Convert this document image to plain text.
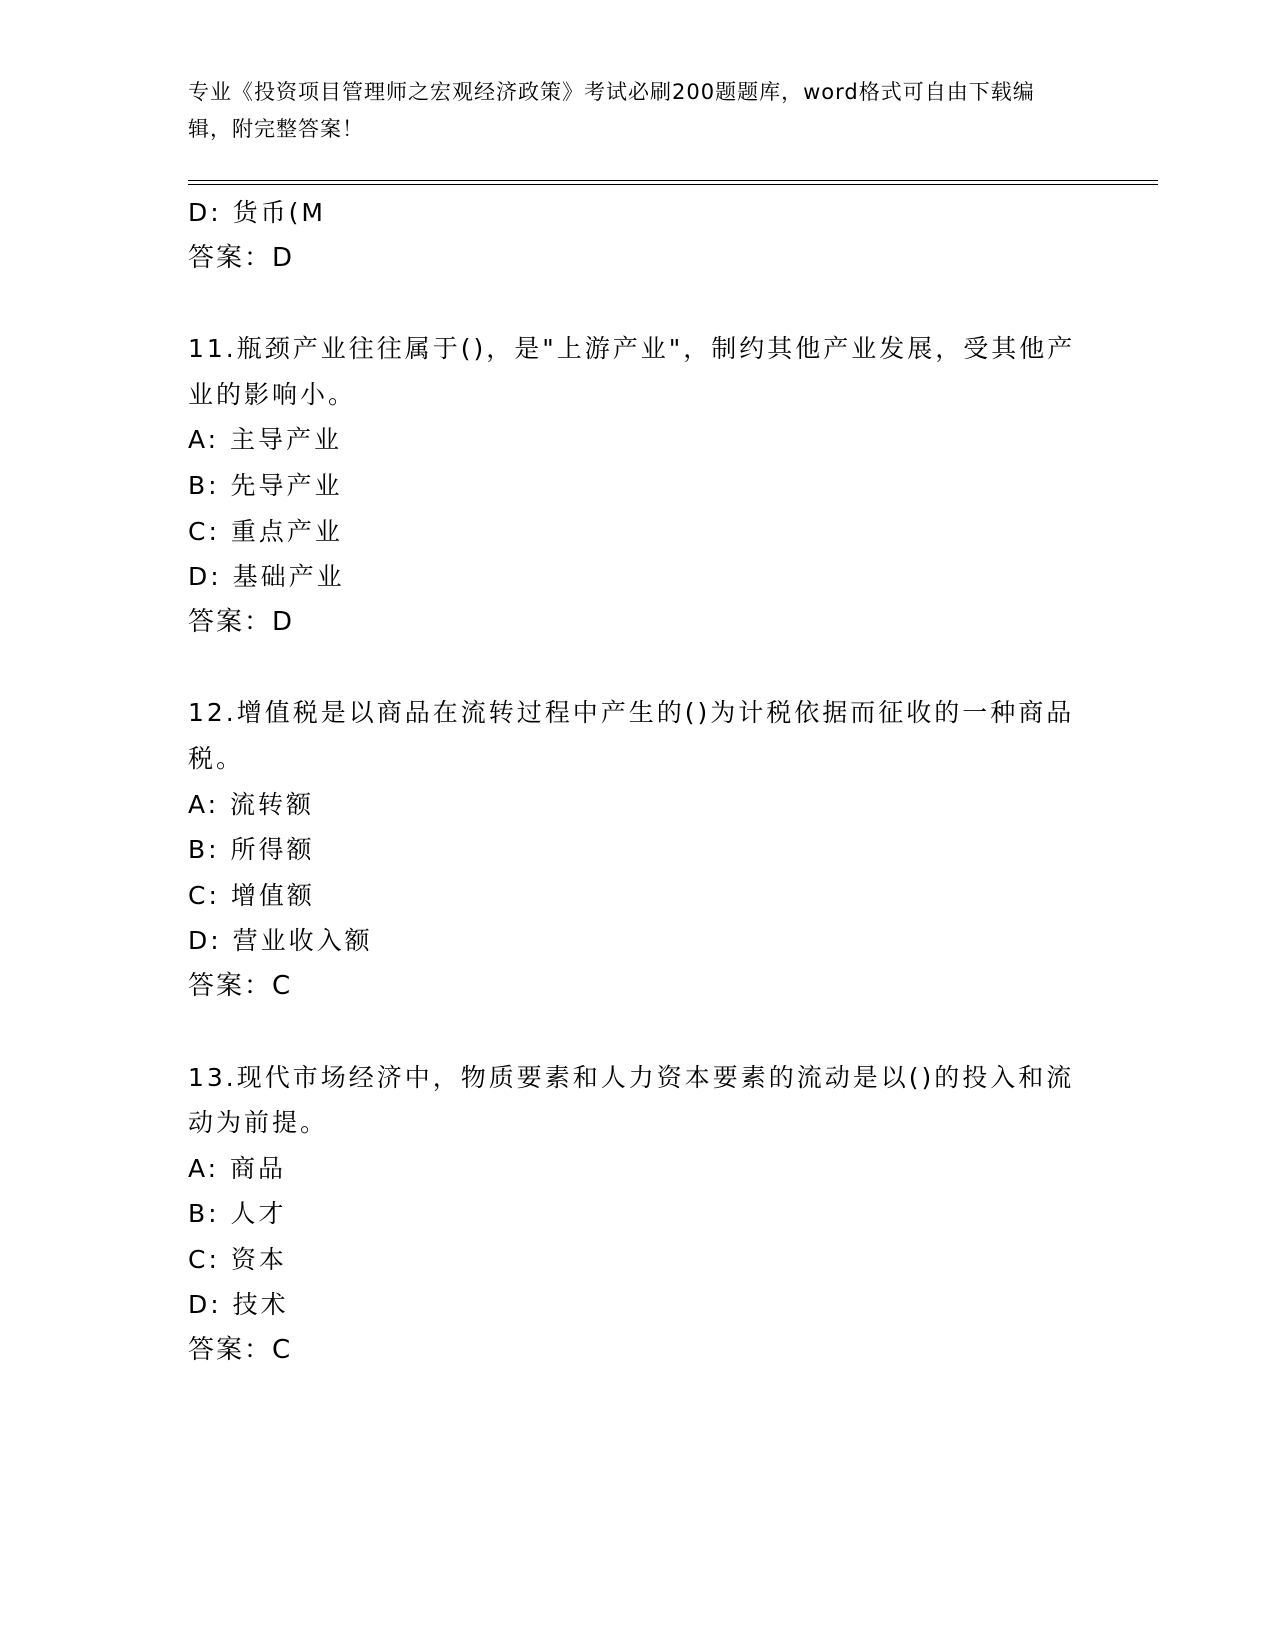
专业《投资项目管理师之宏观经济政策》考试必刷200题题库，word格式可自由下载编辑，附完整答案！
D: 货币(M
答案：D
11.瓶颈产业往往属于()，是"上游产业"，制约其他产业发展，受其他产业的影响小。
A: 主导产业
B: 先导产业
C: 重点产业
D: 基础产业
答案：D
12.增值税是以商品在流转过程中产生的()为计税依据而征收的一种商品税。
A: 流转额
B: 所得额
C: 增值额
D: 营业收入额
答案：C
13.现代市场经济中，物质要素和人力资本要素的流动是以()的投入和流动为前提。
A: 商品
B: 人才
C: 资本
D: 技术
答案：C
